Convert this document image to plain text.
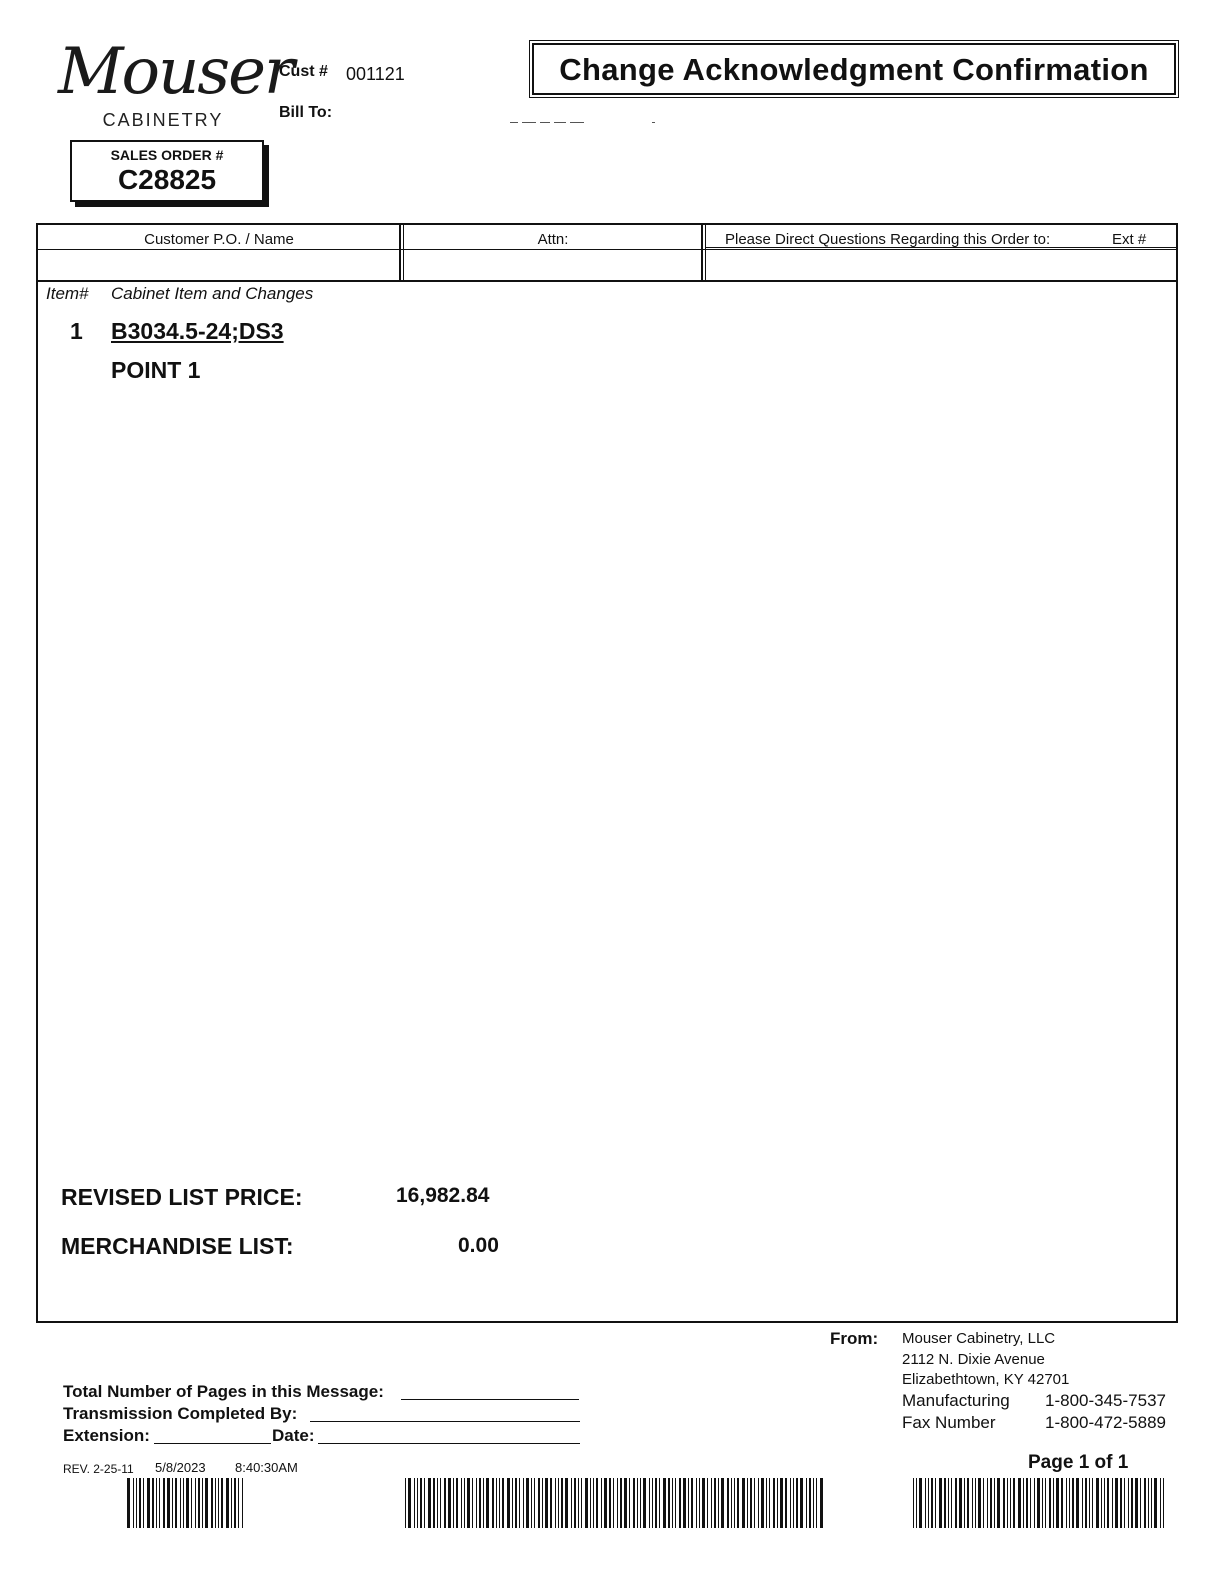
Mouser
CABINETRY
Cust # 001121
Bill To:
Change Acknowledgment Confirmation
SALES ORDER #
C28825
Customer P.O. / Name	Attn:	Please Direct Questions Regarding this Order to:	Ext #
Item# Cabinet Item and Changes
1 B3034.5-24;DS3
POINT 1
REVISED LIST PRICE:	16,982.84
MERCHANDISE LIST:	0.00
Total Number of Pages in this Message:
Transmission Completed By:
Extension:	Date:
REV. 2-25-11 5/8/2023 8:40:30AM
From: Mouser Cabinetry, LLC
2112 N. Dixie Avenue
Elizabethtown, KY 42701
Manufacturing 1-800-345-7537
Fax Number	1-800-472-5889
Page 1 of 1
